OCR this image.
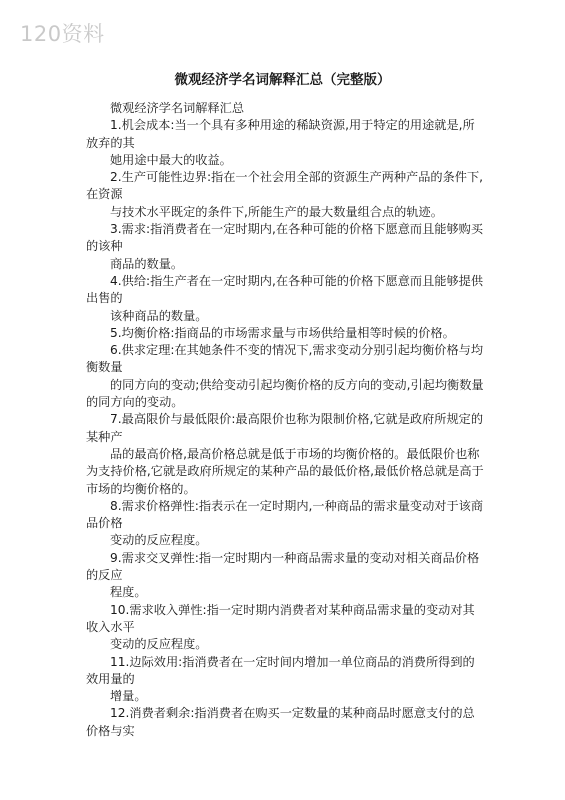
120资料
微观经济学名词解释汇总（完整版）

微观经济学名词解释汇总

1.机会成本:当一个具有多种用途的稀缺资源,用于特定的用途就是,所放弃的其

她用途中最大的收益。

2.生产可能性边界:指在一个社会用全部的资源生产两种产品的条件下,在资源

与技术水平既定的条件下,所能生产的最大数量组合点的轨迹。

3.需求:指消费者在一定时期内,在各种可能的价格下愿意而且能够购买的该种

商品的数量。

4.供给:指生产者在一定时期内,在各种可能的价格下愿意而且能够提供出售的

该种商品的数量。

5.均衡价格:指商品的市场需求量与市场供给量相等时候的价格。

6.供求定理:在其她条件不变的情况下,需求变动分别引起均衡价格与均衡数量

的同方向的变动;供给变动引起均衡价格的反方向的变动,引起均衡数量的同方向的变动。

7.最高限价与最低限价:最高限价也称为限制价格,它就是政府所规定的某种产

品的最高价格,最高价格总就是低于市场的均衡价格的。最低限价也称为支持价格,它就是政府所规定的某种产品的最低价格,最低价格总就是高于市场的均衡价格的。

8.需求价格弹性:指表示在一定时期内,一种商品的需求量变动对于该商品价格

变动的反应程度。

9.需求交叉弹性:指一定时期内一种商品需求量的变动对相关商品价格的反应

程度。

10.需求收入弹性:指一定时期内消费者对某种商品需求量的变动对其收入水平

变动的反应程度。

11.边际效用:指消费者在一定时间内增加一单位商品的消费所得到的效用量的

增量。

12.消费者剩余:指消费者在购买一定数量的某种商品时愿意支付的总价格与实
